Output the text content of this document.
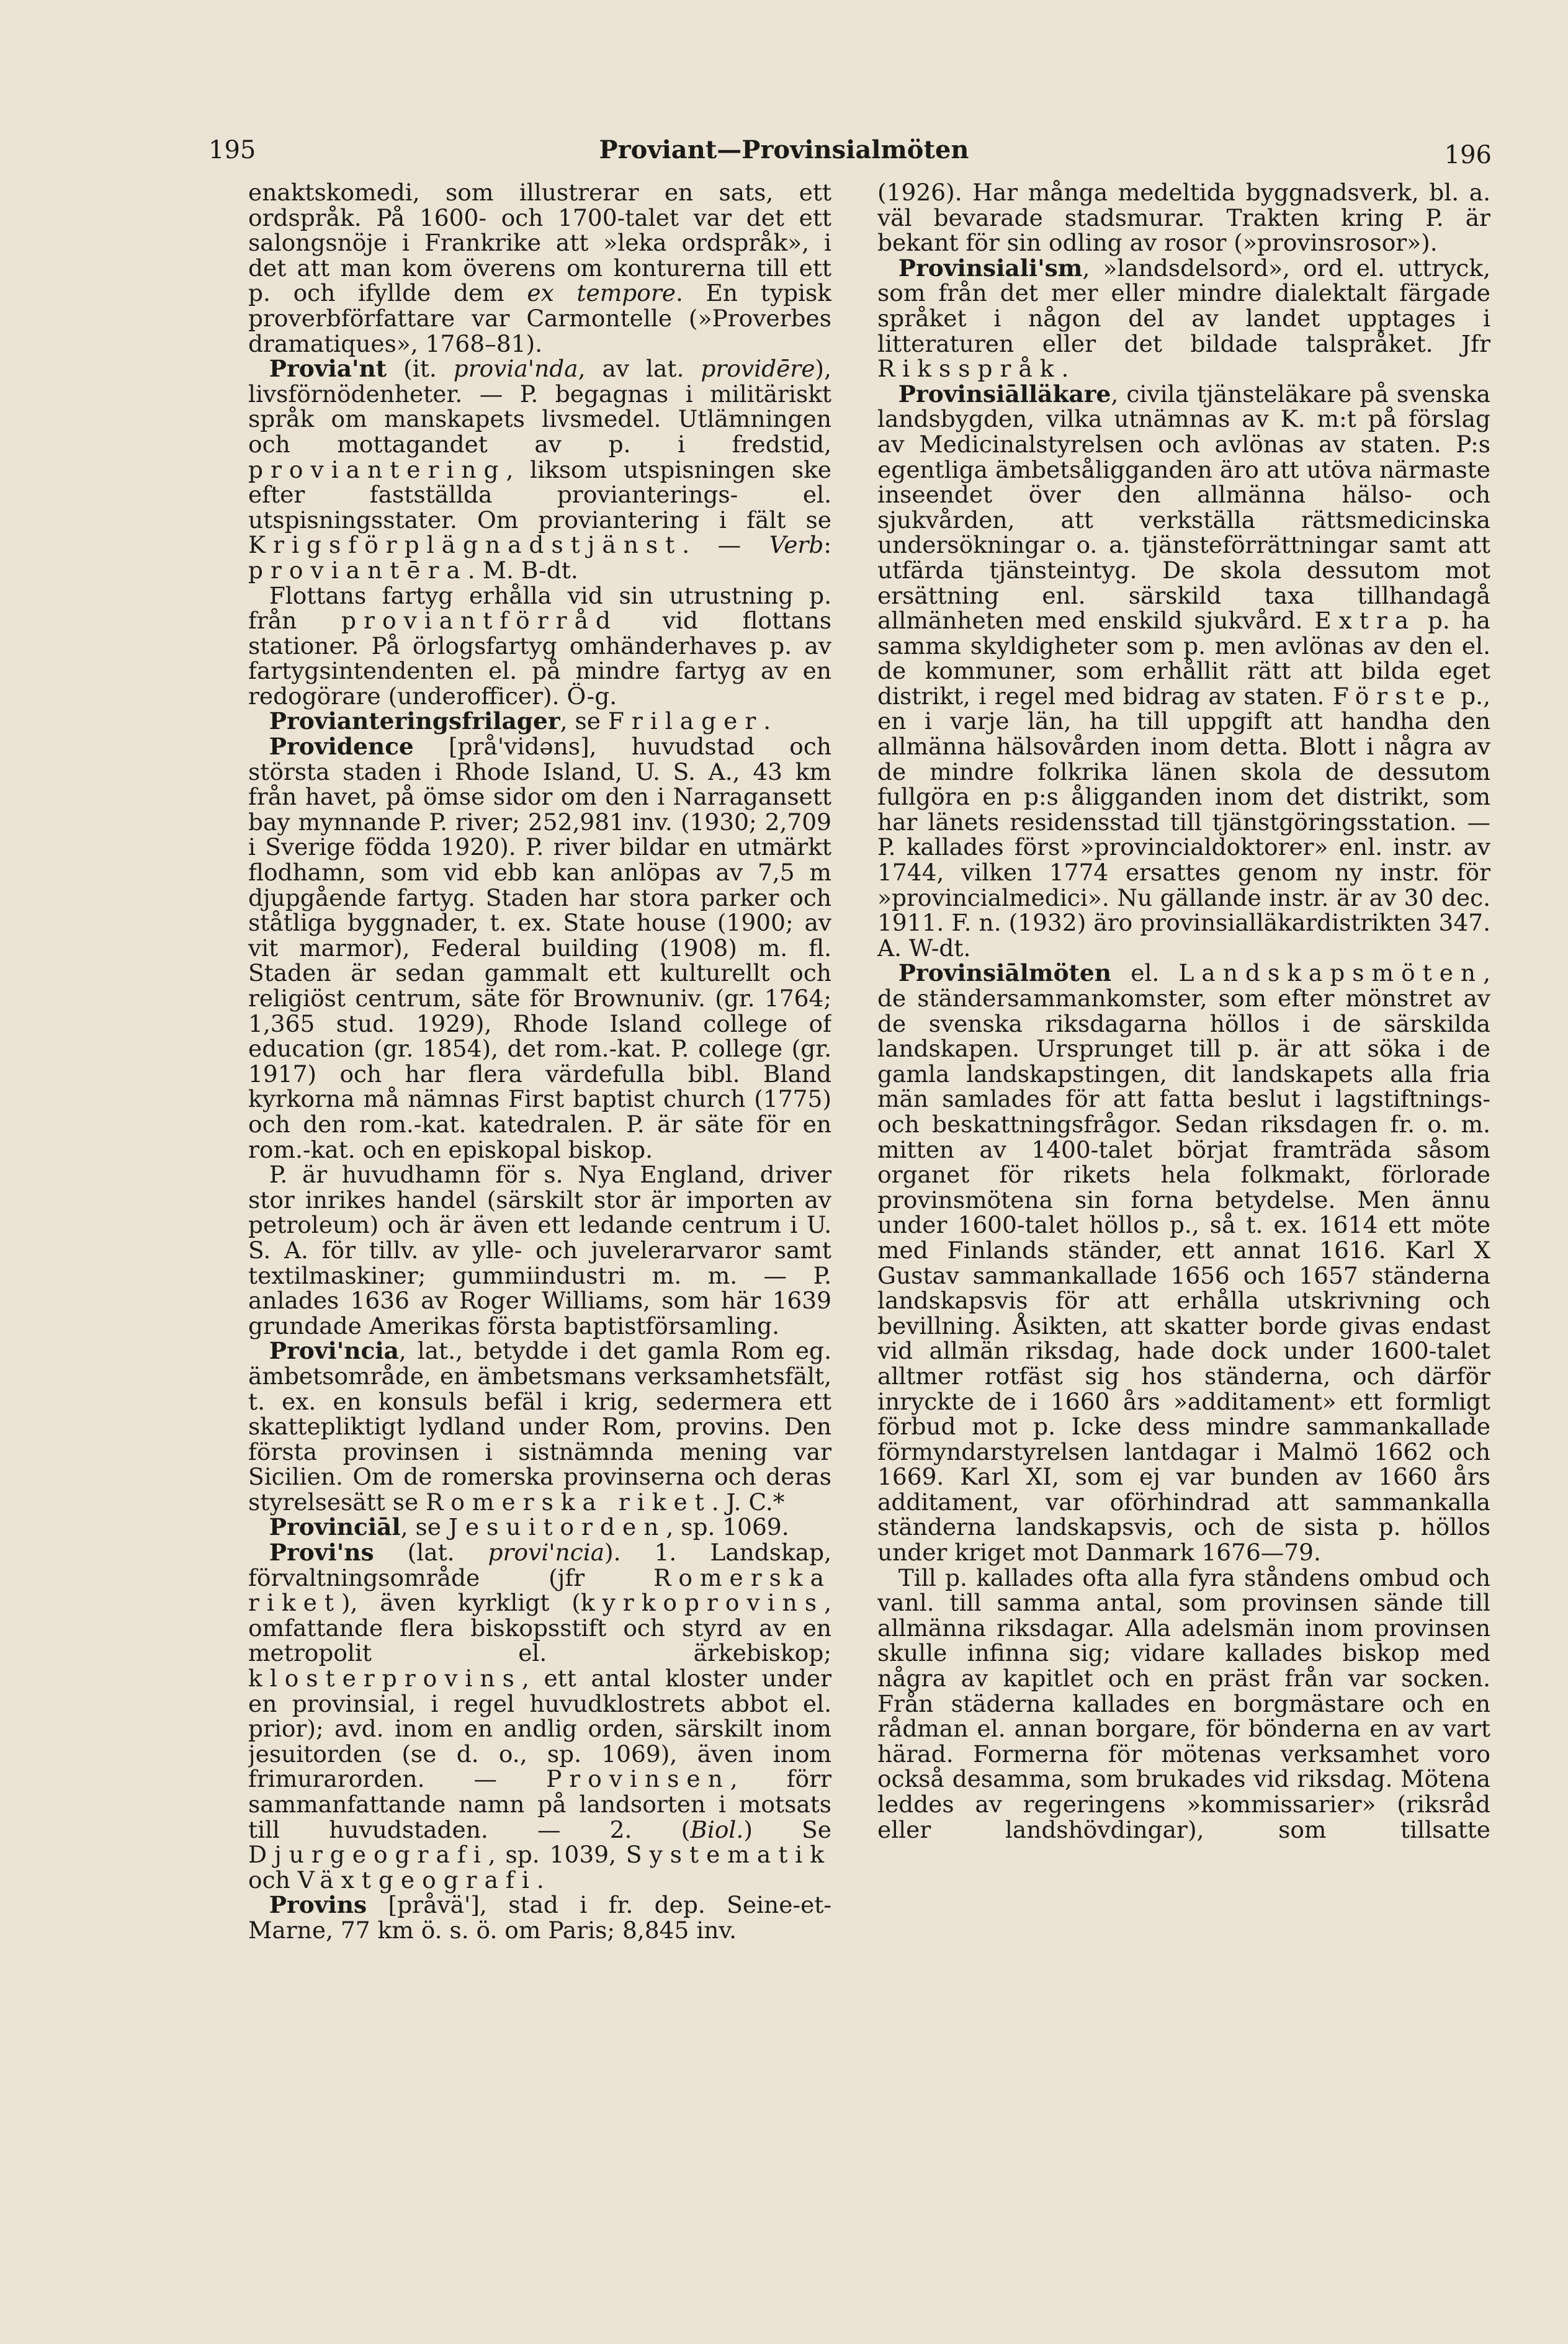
195	Proviant—Provinsialmöten	196

enaktskomedi, som illustrerar en sats, ett ordspråk. På 1600- och 1700-talet var det ett salongsnöje i Frankrike att »leka ordspråk», i det att man kom överens om konturerna till ett p. och ifyllde dem ex tempore. En typisk proverbförfattare var Carmontelle (»Proverbes dramatiques», 1768–81).

Provia'nt (it. provia'nda, av lat. providēre), livsförnödenheter. — P. begagnas i militäriskt språk om manskapets livsmedel. Utlämningen och mottagandet av p. i fredstid, proviantering, liksom utspisningen ske efter fastställda provianterings- el. utspisningsstater. Om proviantering i fält se Krigsförplägnadstjänst. — Verb: proviantēra. M. B-dt.

Flottans fartyg erhålla vid sin utrustning p. från proviantförråd vid flottans stationer. På örlogsfartyg omhänderhaves p. av fartygsintendenten el. på mindre fartyg av en redogörare (underofficer). Ö-g.

Provianteringsfrilager, se Frilager.

Providence [prå'vidəns], huvudstad och största staden i Rhode Island, U. S. A., 43 km från havet, på ömse sidor om den i Narragansett bay mynnande P. river; 252,981 inv. (1930; 2,709 i Sverige födda 1920). P. river bildar en utmärkt flodhamn, som vid ebb kan anlöpas av 7,5 m djupgående fartyg. Staden har stora parker och ståtliga byggnader, t. ex. State house (1900; av vit marmor), Federal building (1908) m. fl. Staden är sedan gammalt ett kulturellt och religiöst centrum, säte för Brownuniv. (gr. 1764; 1,365 stud. 1929), Rhode Island college of education (gr. 1854), det rom.-kat. P. college (gr. 1917) och har flera värdefulla bibl. Bland kyrkorna må nämnas First baptist church (1775) och den rom.-kat. katedralen. P. är säte för en rom.-kat. och en episkopal biskop.

P. är huvudhamn för s. Nya England, driver stor inrikes handel (särskilt stor är importen av petroleum) och är även ett ledande centrum i U. S. A. för tillv. av ylle- och juvelerarvaror samt textilmaskiner; gummiindustri m. m. — P. anlades 1636 av Roger Williams, som här 1639 grundade Amerikas första baptistförsamling.

Provi'ncia, lat., betydde i det gamla Rom eg. ämbetsområde, en ämbetsmans verksamhetsfält, t. ex. en konsuls befäl i krig, sedermera ett skattepliktigt lydland under Rom, provins. Den första provinsen i sistnämnda mening var Sicilien. Om de romerska provinserna och deras styrelsesätt se Romerska riket. J. C.*

Provinciāl, se Jesuitorden, sp. 1069.

Provi'ns (lat. provi'ncia). 1. Landskap, förvaltningsområde (jfr Romerska riket), även kyrkligt (kyrkoprovins, omfattande flera biskopsstift och styrd av en metropolit el. ärkebiskop; klosterprovins, ett antal kloster under en provinsial, i regel huvudklostrets abbot el. prior); avd. inom en andlig orden, särskilt inom jesuitorden (se d. o., sp. 1069), även inom frimurarorden. — Provinsen, förr sammanfattande namn på landsorten i motsats till huvudstaden. — 2. (Biol.) Se Djurgeografi, sp. 1039, Systematik och Växtgeografi.

Provins [pråvä'], stad i fr. dep. Seine-et-Marne, 77 km ö. s. ö. om Paris; 8,845 inv.

(1926). Har många medeltida byggnadsverk, bl. a. väl bevarade stadsmurar. Trakten kring P. är bekant för sin odling av rosor (»provinsrosor»).

Provinsiali'sm, »landsdelsord», ord el. uttryck, som från det mer eller mindre dialektalt färgade språket i någon del av landet upptages i litteraturen eller det bildade talspråket. Jfr Riksspråk.

Provinsiālläkare, civila tjänsteläkare på svenska landsbygden, vilka utnämnas av K. m:t på förslag av Medicinalstyrelsen och avlönas av staten. P:s egentliga ämbetsåligganden äro att utöva närmaste inseendet över den allmänna hälso- och sjukvården, att verkställa rättsmedicinska undersökningar o. a. tjänsteförrättningar samt att utfärda tjänsteintyg. De skola dessutom mot ersättning enl. särskild taxa tillhandagå allmänheten med enskild sjukvård. Extra p. ha samma skyldigheter som p. men avlönas av den el. de kommuner, som erhållit rätt att bilda eget distrikt, i regel med bidrag av staten. Förste p., en i varje län, ha till uppgift att handha den allmänna hälsovården inom detta. Blott i några av de mindre folkrika länen skola de dessutom fullgöra en p:s åligganden inom det distrikt, som har länets residensstad till tjänstgöringsstation. — P. kallades först »provincialdoktorer» enl. instr. av 1744, vilken 1774 ersattes genom ny instr. för »provincialmedici». Nu gällande instr. är av 30 dec. 1911. F. n. (1932) äro provinsialläkardistrikten 347. A. W-dt.

Provinsiālmöten el. Landskapsmöten, de ständersammankomster, som efter mönstret av de svenska riksdagarna höllos i de särskilda landskapen. Ursprunget till p. är att söka i de gamla landskapstingen, dit landskapets alla fria män samlades för att fatta beslut i lagstiftnings- och beskattningsfrågor. Sedan riksdagen fr. o. m. mitten av 1400-talet börjat framträda såsom organet för rikets hela folkmakt, förlorade provinsmötena sin forna betydelse. Men ännu under 1600-talet höllos p., så t. ex. 1614 ett möte med Finlands ständer, ett annat 1616. Karl X Gustav sammankallade 1656 och 1657 ständerna landskapsvis för att erhålla utskrivning och bevillning. Åsikten, att skatter borde givas endast vid allmän riksdag, hade dock under 1600-talet alltmer rotfäst sig hos ständerna, och därför inryckte de i 1660 års »additament» ett formligt förbud mot p. Icke dess mindre sammankallade förmyndarstyrelsen lantdagar i Malmö 1662 och 1669. Karl XI, som ej var bunden av 1660 års additament, var oförhindrad att sammankalla ständerna landskapsvis, och de sista p. höllos under kriget mot Danmark 1676—79.

Till p. kallades ofta alla fyra ståndens ombud och vanl. till samma antal, som provinsen sände till allmänna riksdagar. Alla adelsmän inom provinsen skulle infinna sig; vidare kallades biskop med några av kapitlet och en präst från var socken. Från städerna kallades en borgmästare och en rådman el. annan borgare, för bönderna en av vart härad. Formerna för mötenas verksamhet voro också desamma, som brukades vid riksdag. Mötena leddes av regeringens »kommissarier» (riksråd eller landshövdingar), som tillsatte
